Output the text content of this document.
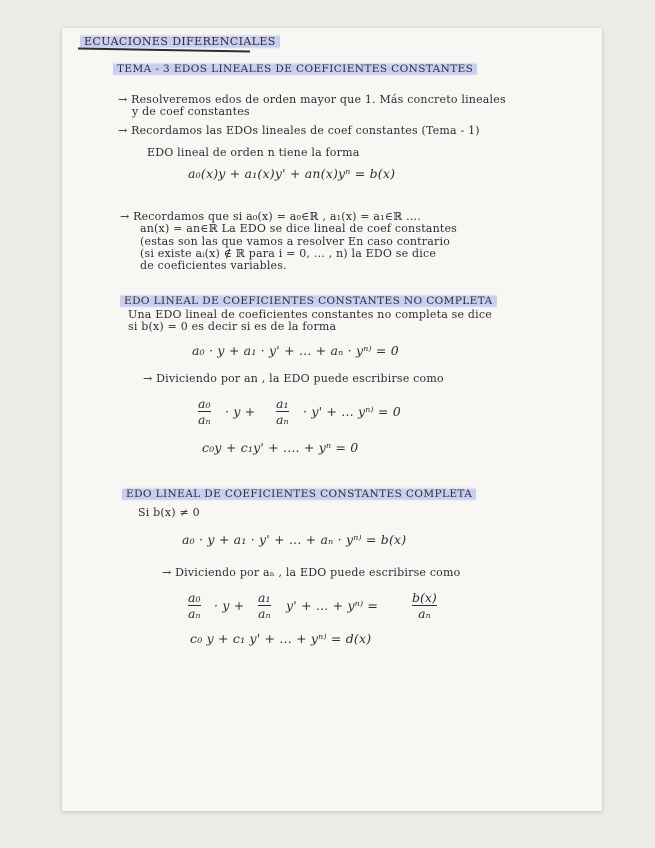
ECUACIONES DIFERENCIALES
TEMA - 3 EDOS LINEALES DE COEFICIENTES CONSTANTES
→ Resolveremos edos de orden mayor que 1. Más concreto lineales
y de coef constantes
→ Recordamos las EDOs lineales de coef constantes (Tema - 1)
EDO lineal de orden n tiene la forma
a₀(x)y + a₁(x)y' + an(x)yⁿ = b(x)
→ Recordamos que si a₀(x) = a₀∈ℝ , a₁(x) = a₁∈ℝ ....
an(x) = an∈ℝ La EDO se dice lineal de coef constantes
(estas son las que vamos a resolver En caso contrario
(si existe aᵢ(x) ∉ ℝ para i = 0, ... , n) la EDO se dice
de coeficientes variables.
EDO LINEAL DE COEFICIENTES CONSTANTES NO COMPLETA
Una EDO lineal de coeficientes constantes no completa se dice
si b(x) = 0 es decir si es de la forma
a₀ · y + a₁ · y' + ... + aₙ · yⁿ⁾ = 0
→ Diviciendo por an , la EDO puede escribirse como
a₀
aₙ
· y +
a₁
aₙ
· y' + ... yⁿ⁾ = 0
c₀y + c₁y' + .... + yⁿ = 0
EDO LINEAL DE COEFICIENTES CONSTANTES COMPLETA
Si b(x) ≠ 0
a₀ · y + a₁ · y' + ... + aₙ · yⁿ⁾ = b(x)
→ Diviciendo por aₙ , la EDO puede escribirse como
a₀
aₙ
· y +
a₁
aₙ
y' + ... + yⁿ⁾ =
b(x)
aₙ
c₀ y + c₁ y' + ... + yⁿ⁾ = d(x)
